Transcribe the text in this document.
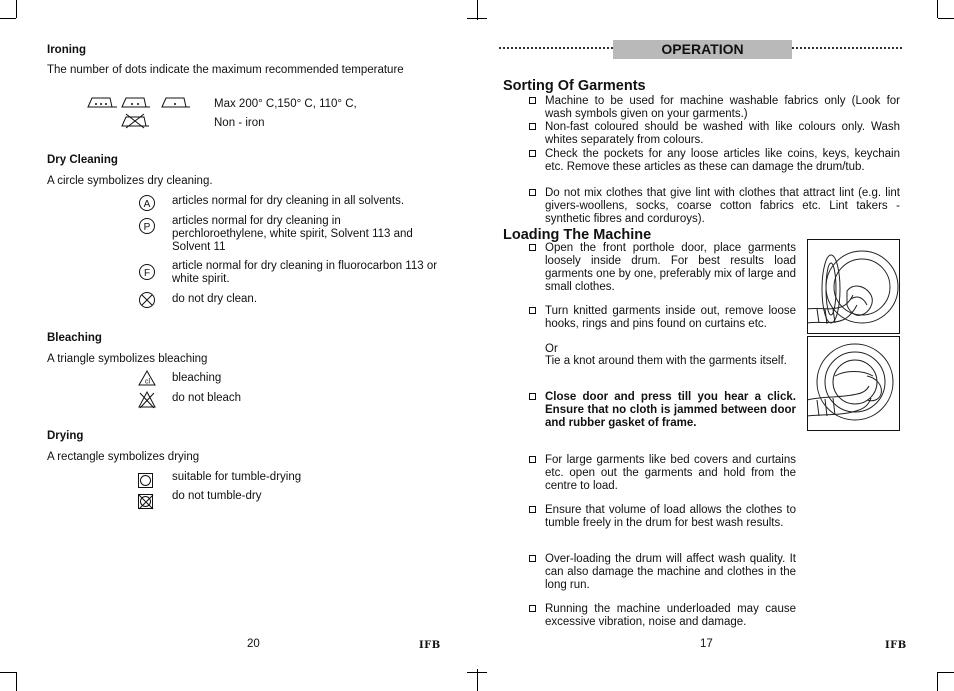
Ironing
The number of dots indicate the maximum recommended temperature
Max 200° C,150° C, 110° C,
Non - iron
Dry Cleaning
A circle symbolizes dry cleaning.
A articles normal for dry cleaning in all solvents.
P
articles normal for dry cleaning in perchloroethylene, white spirit, Solvent 113 and Solvent 11
F
article normal for dry cleaning in fluorocarbon 113 or white spirit.
do not dry clean.
Bleaching
A triangle symbolizes bleaching
cl bleaching
do not bleach
Drying
A rectangle symbolizes drying
suitable for tumble-drying
do not tumble-dry
20	IFB
OPERATION
Sorting Of Garments
Machine to be used for machine washable fabrics only (Look for wash symbols given on your garments.)
Non-fast coloured should be washed with like colours only. Wash whites separately from colours.
Check the pockets for any loose articles like coins, keys, keychain etc. Remove these articles as these can damage the drum/tub.
Do not mix clothes that give lint with clothes that attract lint (e.g. lint givers-woollens, socks, coarse cotton fabrics etc. Lint takers - synthetic fibres and corduroys).
Loading The Machine
Open the front porthole door, place garments loosely inside drum. For best results load garments one by one, preferably mix of large and small clothes.
Turn knitted garments inside out, remove loose hooks, rings and pins found on curtains etc.
Or
Tie a knot around them with the garments itself.
Close door and press till you hear a click. Ensure that no cloth is jammed between door and rubber gasket of frame.
For large garments like bed covers and curtains etc. open out the garments and hold from the centre to load.
Ensure that volume of load allows the clothes to tumble freely in the drum for best wash results.
Over-loading the drum will affect wash quality. It can also damage the machine and clothes in the long run.
Running the machine underloaded may cause excessive vibration, noise and damage.
17	IFB
